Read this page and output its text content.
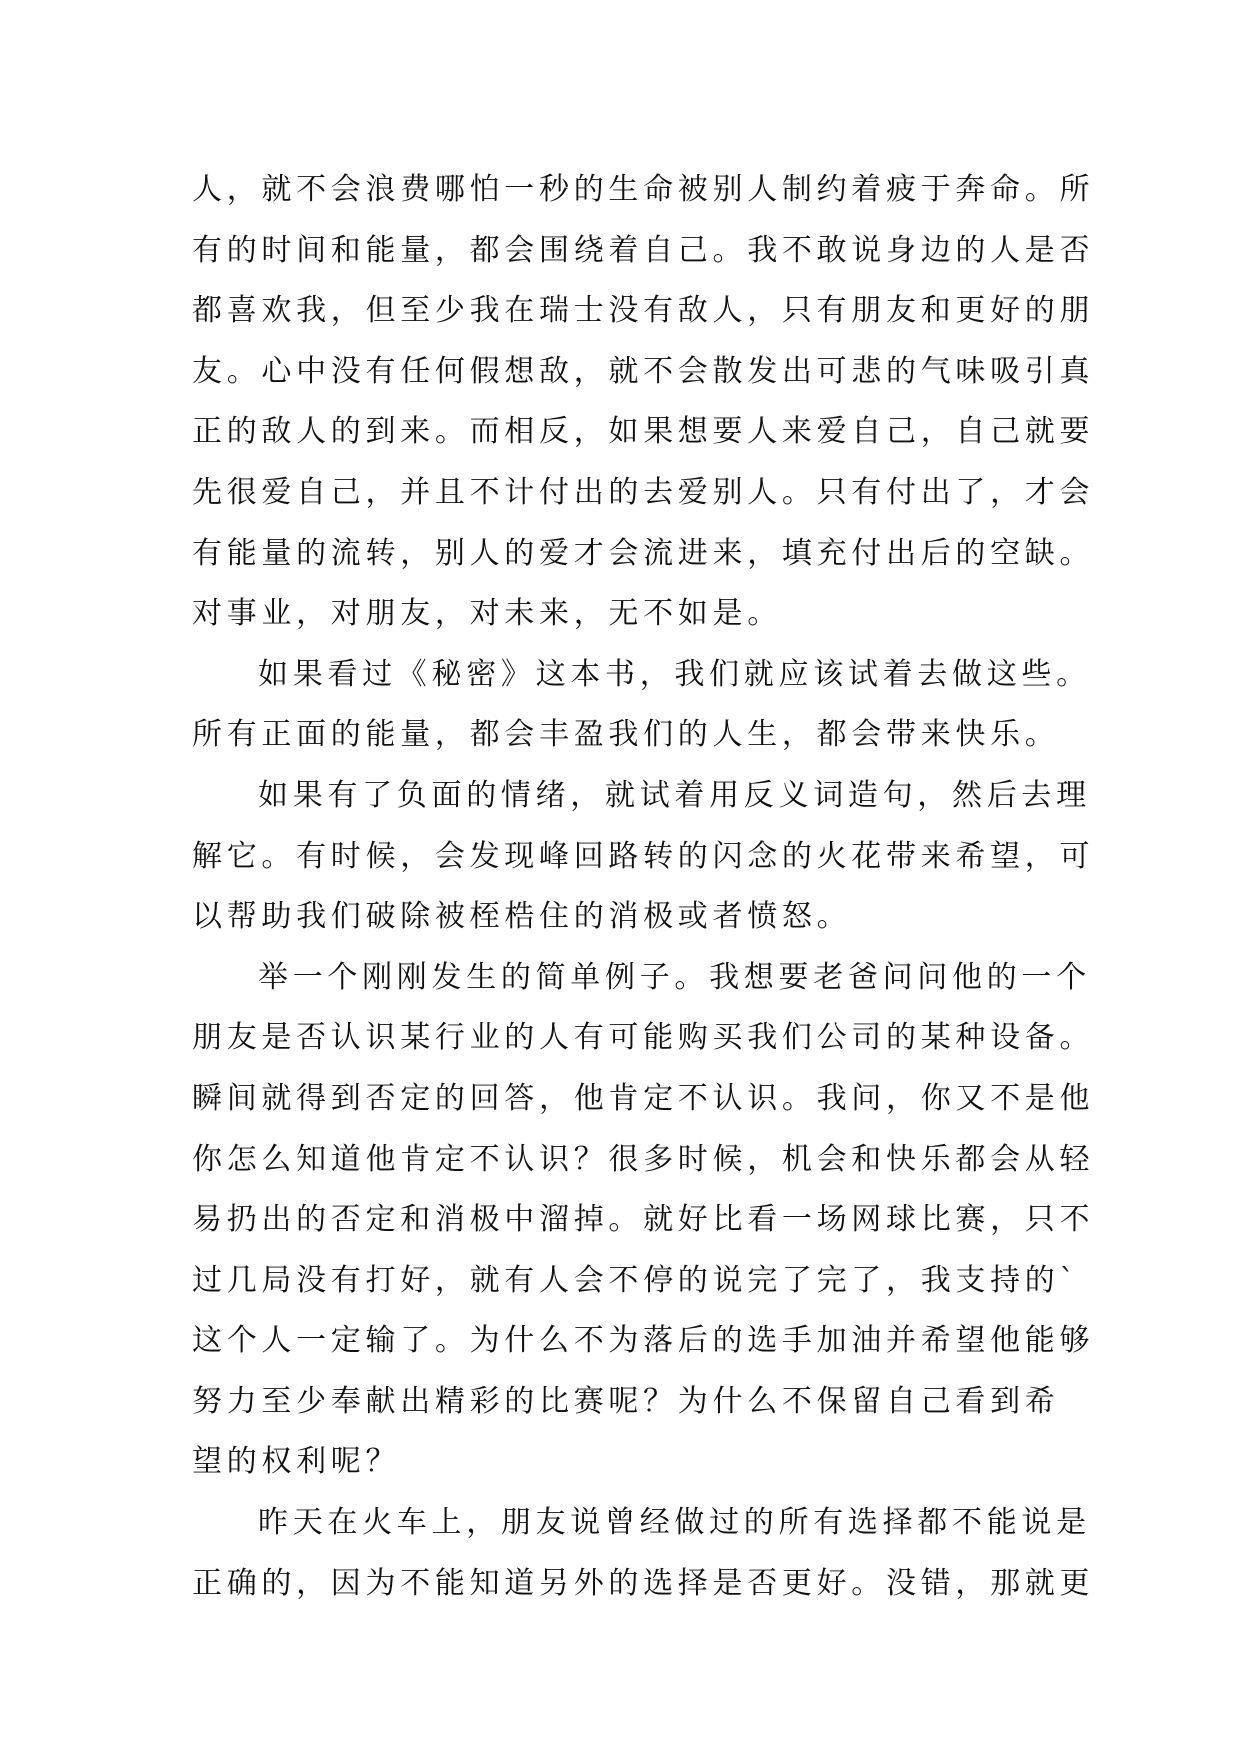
人，就不会浪费哪怕一秒的生命被别人制约着疲于奔命。所
有的时间和能量，都会围绕着自己。我不敢说身边的人是否
都喜欢我，但至少我在瑞士没有敌人，只有朋友和更好的朋
友。心中没有任何假想敌，就不会散发出可悲的气味吸引真
正的敌人的到来。而相反，如果想要人来爱自己，自己就要
先很爱自己，并且不计付出的去爱别人。只有付出了，才会
有能量的流转，别人的爱才会流进来，填充付出后的空缺。
对事业，对朋友，对未来，无不如是。
如果看过《秘密》这本书，我们就应该试着去做这些。
所有正面的能量，都会丰盈我们的人生，都会带来快乐。
如果有了负面的情绪，就试着用反义词造句，然后去理
解它。有时候，会发现峰回路转的闪念的火花带来希望，可
以帮助我们破除被桎梏住的消极或者愤怒。
举一个刚刚发生的简单例子。我想要老爸问问他的一个
朋友是否认识某行业的人有可能购买我们公司的某种设备。
瞬间就得到否定的回答，他肯定不认识。我问，你又不是他
你怎么知道他肯定不认识？很多时候，机会和快乐都会从轻
易扔出的否定和消极中溜掉。就好比看一场网球比赛，只不
过几局没有打好，就有人会不停的说完了完了，我支持的`
这个人一定输了。为什么不为落后的选手加油并希望他能够
努力至少奉献出精彩的比赛呢？为什么不保留自己看到希
望的权利呢？
昨天在火车上，朋友说曾经做过的所有选择都不能说是
正确的，因为不能知道另外的选择是否更好。没错，那就更
